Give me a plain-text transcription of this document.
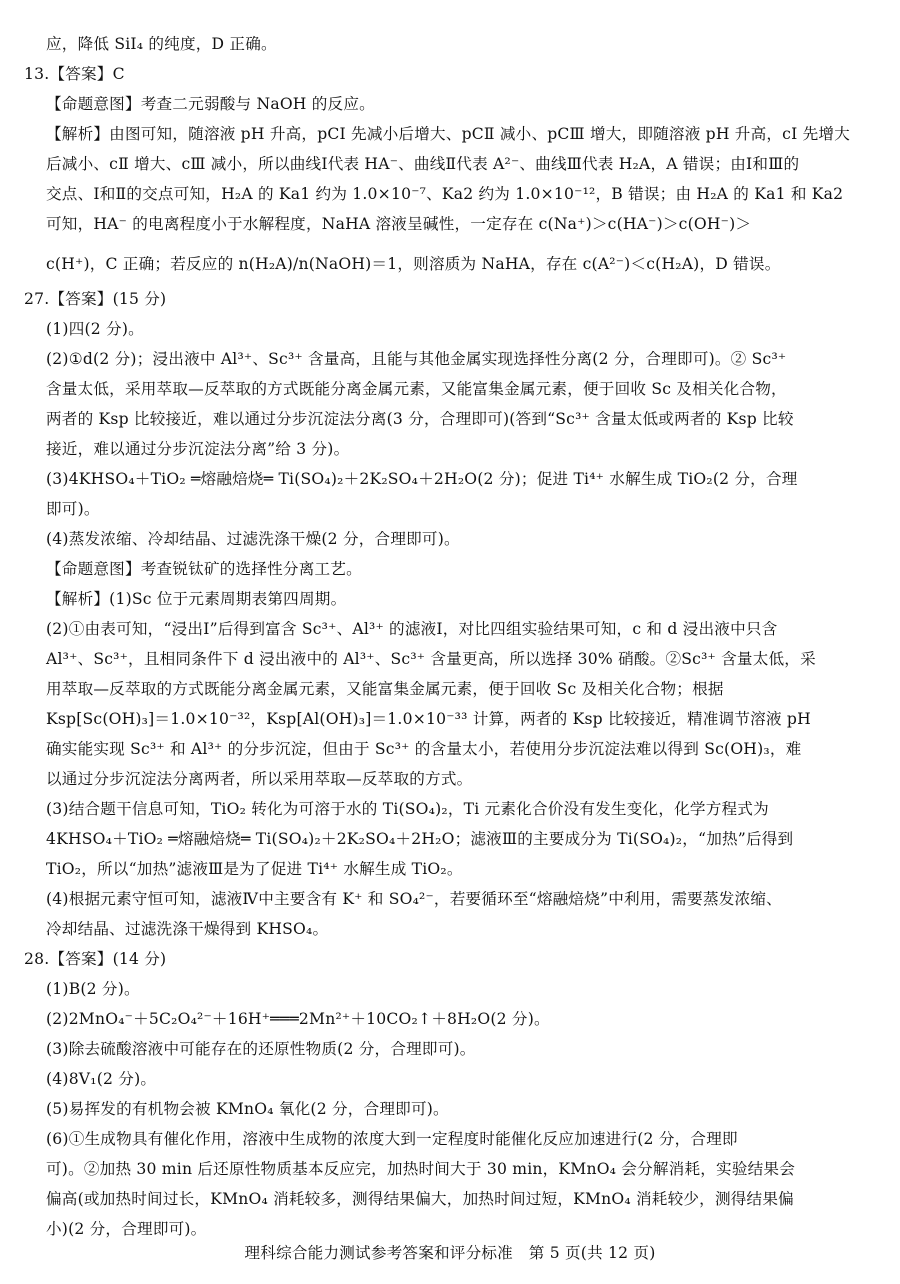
应，降低 SiI₄ 的纯度，D 正确。
13.【答案】C
【命题意图】考查二元弱酸与 NaOH 的反应。
【解析】由图可知，随溶液 pH 升高，pCⅠ 先减小后增大、pCⅡ 减小、pCⅢ 增大，即随溶液 pH 升高，cⅠ 先增大
后减小、cⅡ 增大、cⅢ 减小，所以曲线Ⅰ代表 HA⁻、曲线Ⅱ代表 A²⁻、曲线Ⅲ代表 H₂A，A 错误；由Ⅰ和Ⅲ的
交点、Ⅰ和Ⅱ的交点可知，H₂A 的 Ka1 约为 1.0×10⁻⁷、Ka2 约为 1.0×10⁻¹²，B 错误；由 H₂A 的 Ka1 和 Ka2
可知，HA⁻ 的电离程度小于水解程度，NaHA 溶液呈碱性，一定存在 c(Na⁺)＞c(HA⁻)＞c(OH⁻)＞
c(H⁺)，C 正确；若反应的 n(H₂A)/n(NaOH)＝1，则溶质为 NaHA，存在 c(A²⁻)＜c(H₂A)，D 错误。
27.【答案】(15 分)
(1)四(2 分)。
(2)①d(2 分)；浸出液中 Al³⁺、Sc³⁺ 含量高，且能与其他金属实现选择性分离(2 分，合理即可)。② Sc³⁺
含量太低，采用萃取—反萃取的方式既能分离金属元素，又能富集金属元素，便于回收 Sc 及相关化合物，
两者的 Ksp 比较接近，难以通过分步沉淀法分离(3 分，合理即可)(答到“Sc³⁺ 含量太低或两者的 Ksp 比较
接近，难以通过分步沉淀法分离”给 3 分)。
(3)4KHSO₄＋TiO₂ ═熔融焙烧═ Ti(SO₄)₂＋2K₂SO₄＋2H₂O(2 分)；促进 Ti⁴⁺ 水解生成 TiO₂(2 分，合理
即可)。
(4)蒸发浓缩、冷却结晶、过滤洗涤干燥(2 分，合理即可)。
【命题意图】考查锐钛矿的选择性分离工艺。
【解析】(1)Sc 位于元素周期表第四周期。
(2)①由表可知，“浸出Ⅰ”后得到富含 Sc³⁺、Al³⁺ 的滤液Ⅰ，对比四组实验结果可知，c 和 d 浸出液中只含
Al³⁺、Sc³⁺，且相同条件下 d 浸出液中的 Al³⁺、Sc³⁺ 含量更高，所以选择 30% 硝酸。②Sc³⁺ 含量太低，采
用萃取—反萃取的方式既能分离金属元素，又能富集金属元素，便于回收 Sc 及相关化合物；根据
Ksp[Sc(OH)₃]＝1.0×10⁻³²，Ksp[Al(OH)₃]＝1.0×10⁻³³ 计算，两者的 Ksp 比较接近，精准调节溶液 pH
确实能实现 Sc³⁺ 和 Al³⁺ 的分步沉淀，但由于 Sc³⁺ 的含量太小，若使用分步沉淀法难以得到 Sc(OH)₃，难
以通过分步沉淀法分离两者，所以采用萃取—反萃取的方式。
(3)结合题干信息可知，TiO₂ 转化为可溶于水的 Ti(SO₄)₂，Ti 元素化合价没有发生变化，化学方程式为
4KHSO₄＋TiO₂ ═熔融焙烧═ Ti(SO₄)₂＋2K₂SO₄＋2H₂O；滤液Ⅲ的主要成分为 Ti(SO₄)₂，“加热”后得到
TiO₂，所以“加热”滤液Ⅲ是为了促进 Ti⁴⁺ 水解生成 TiO₂。
(4)根据元素守恒可知，滤液Ⅳ中主要含有 K⁺ 和 SO₄²⁻，若要循环至“熔融焙烧”中利用，需要蒸发浓缩、
冷却结晶、过滤洗涤干燥得到 KHSO₄。
28.【答案】(14 分)
(1)B(2 分)。
(2)2MnO₄⁻＋5C₂O₄²⁻＋16H⁺═══2Mn²⁺＋10CO₂↑＋8H₂O(2 分)。
(3)除去硫酸溶液中可能存在的还原性物质(2 分，合理即可)。
(4)8V₁(2 分)。
(5)易挥发的有机物会被 KMnO₄ 氧化(2 分，合理即可)。
(6)①生成物具有催化作用，溶液中生成物的浓度大到一定程度时能催化反应加速进行(2 分，合理即
可)。②加热 30 min 后还原性物质基本反应完，加热时间大于 30 min，KMnO₄ 会分解消耗，实验结果会
偏高(或加热时间过长，KMnO₄ 消耗较多，测得结果偏大，加热时间过短，KMnO₄ 消耗较少，测得结果偏
小)(2 分，合理即可)。
理科综合能力测试参考答案和评分标准　第 5 页(共 12 页)
